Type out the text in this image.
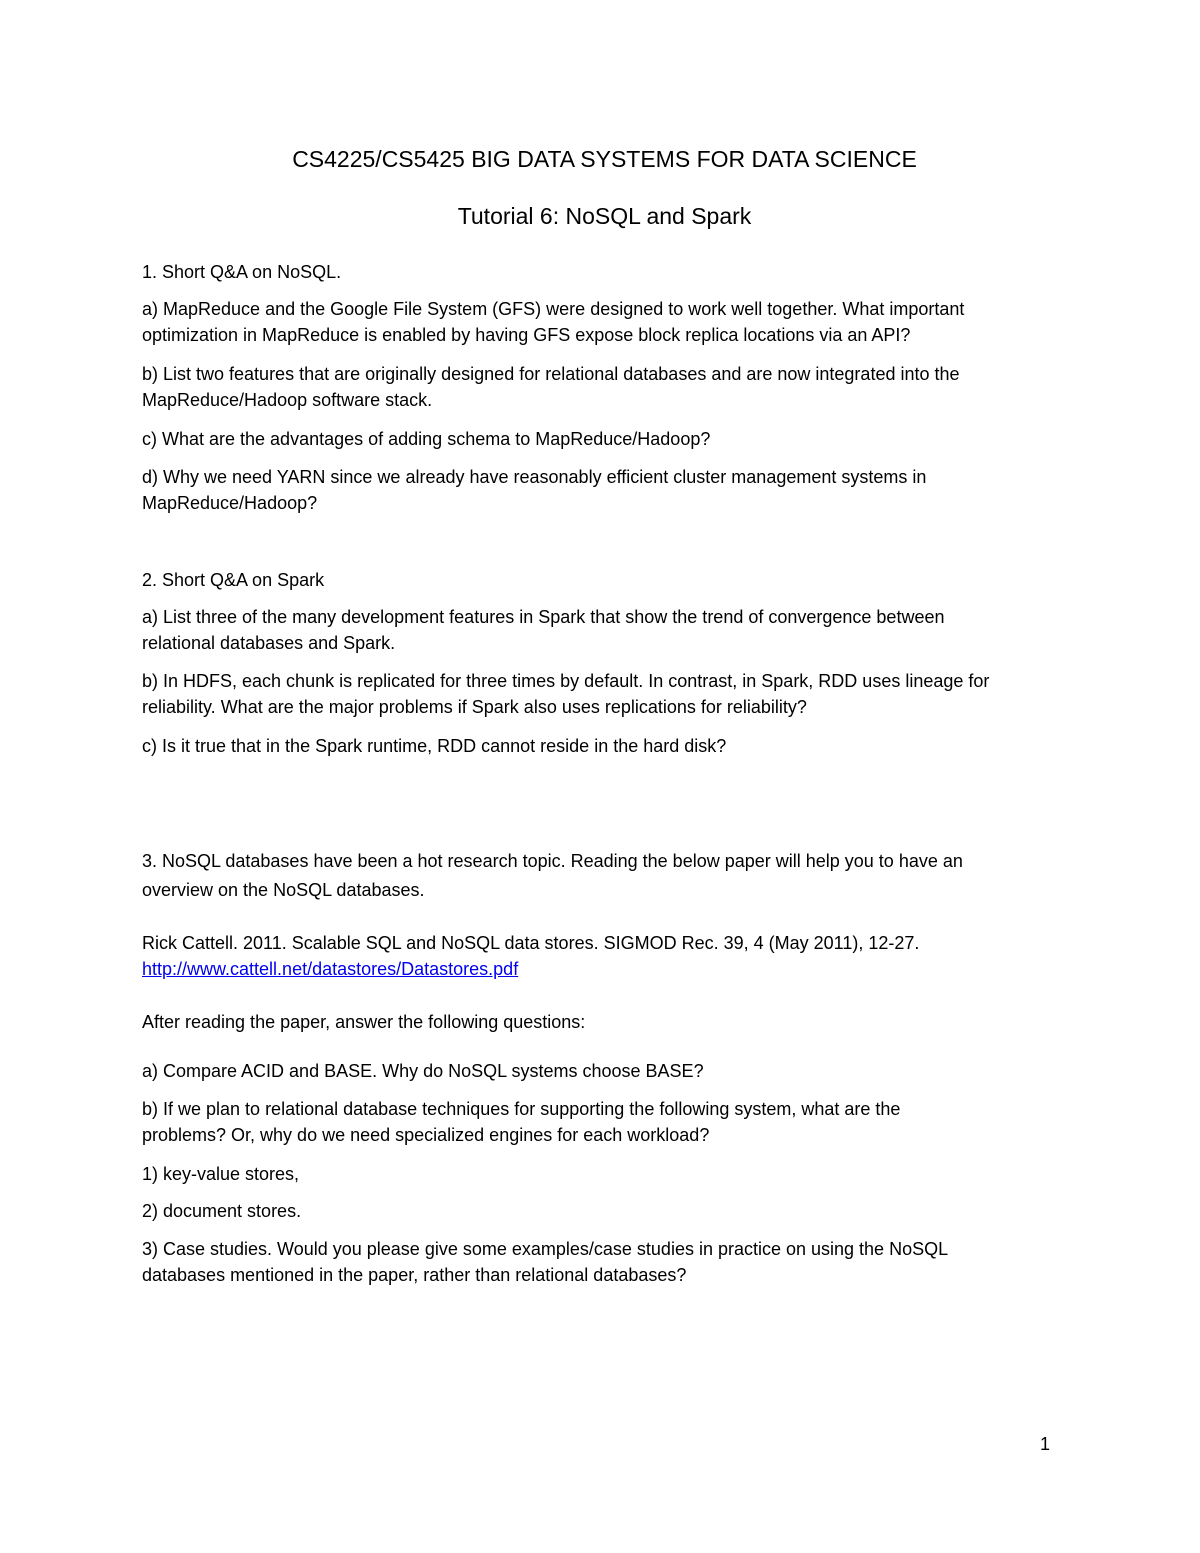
CS4225/CS5425 BIG DATA SYSTEMS FOR DATA SCIENCE
Tutorial 6: NoSQL and Spark
1. Short Q&A on NoSQL.
a) MapReduce and the Google File System (GFS) were designed to work well together. What important
optimization in MapReduce is enabled by having GFS expose block replica locations via an API?
b) List two features that are originally designed for relational databases and are now integrated into the
MapReduce/Hadoop software stack.
c) What are the advantages of adding schema to MapReduce/Hadoop?
d) Why we need YARN since we already have reasonably efficient cluster management systems in
MapReduce/Hadoop?
2. Short Q&A on Spark
a) List three of the many development features in Spark that show the trend of convergence between
relational databases and Spark.
b) In HDFS, each chunk is replicated for three times by default. In contrast, in Spark, RDD uses lineage for
reliability. What are the major problems if Spark also uses replications for reliability?
c) Is it true that in the Spark runtime, RDD cannot reside in the hard disk?
3. NoSQL databases have been a hot research topic. Reading the below paper will help you to have an
overview on the NoSQL databases.
Rick Cattell. 2011. Scalable SQL and NoSQL data stores. SIGMOD Rec. 39, 4 (May 2011), 12-27.
http://www.cattell.net/datastores/Datastores.pdf
After reading the paper, answer the following questions:
a) Compare ACID and BASE. Why do NoSQL systems choose BASE?
b) If we plan to relational database techniques for supporting the following system, what are the
problems? Or, why do we need specialized engines for each workload?
1) key-value stores,
2) document stores.
3) Case studies. Would you please give some examples/case studies in practice on using the NoSQL
databases mentioned in the paper, rather than relational databases?
1
